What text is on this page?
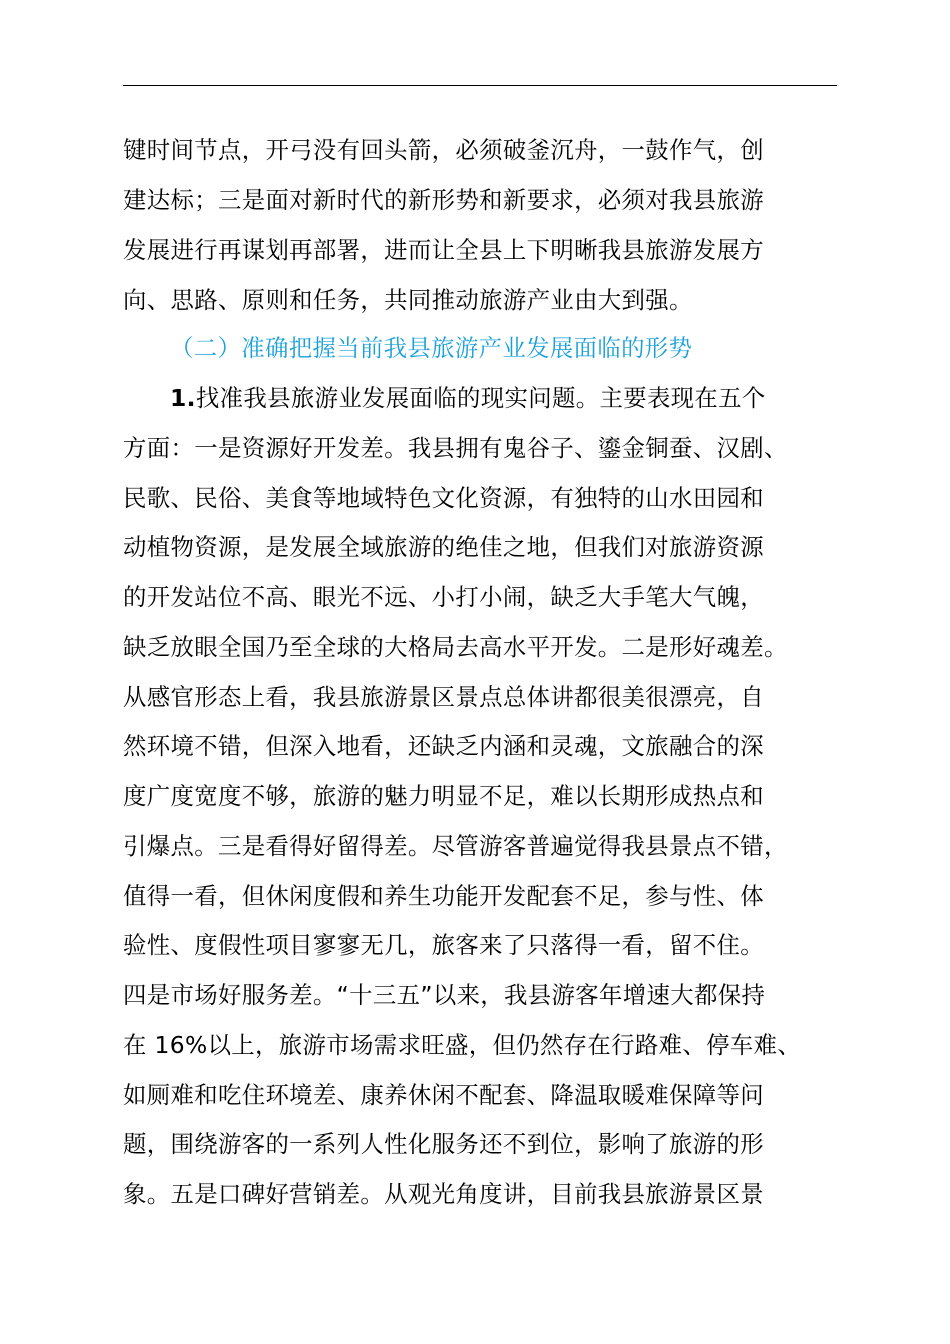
键时间节点，开弓没有回头箭，必须破釜沉舟，一鼓作气，创
建达标；三是面对新时代的新形势和新要求，必须对我县旅游
发展进行再谋划再部署，进而让全县上下明晰我县旅游发展方
向、思路、原则和任务，共同推动旅游产业由大到强。
（二）准确把握当前我县旅游产业发展面临的形势
1.找准我县旅游业发展面临的现实问题。主要表现在五个
方面：一是资源好开发差。我县拥有鬼谷子、鎏金铜蚕、汉剧、
民歌、民俗、美食等地域特色文化资源，有独特的山水田园和
动植物资源，是发展全域旅游的绝佳之地，但我们对旅游资源
的开发站位不高、眼光不远、小打小闹，缺乏大手笔大气魄，
缺乏放眼全国乃至全球的大格局去高水平开发。二是形好魂差。
从感官形态上看，我县旅游景区景点总体讲都很美很漂亮，自
然环境不错，但深入地看，还缺乏内涵和灵魂，文旅融合的深
度广度宽度不够，旅游的魅力明显不足，难以长期形成热点和
引爆点。三是看得好留得差。尽管游客普遍觉得我县景点不错，
值得一看，但休闲度假和养生功能开发配套不足，参与性、体
验性、度假性项目寥寥无几，旅客来了只落得一看，留不住。
四是市场好服务差。“十三五”以来，我县游客年增速大都保持
在 16%以上，旅游市场需求旺盛，但仍然存在行路难、停车难、
如厕难和吃住环境差、康养休闲不配套、降温取暖难保障等问
题，围绕游客的一系列人性化服务还不到位，影响了旅游的形
象。五是口碑好营销差。从观光角度讲，目前我县旅游景区景
